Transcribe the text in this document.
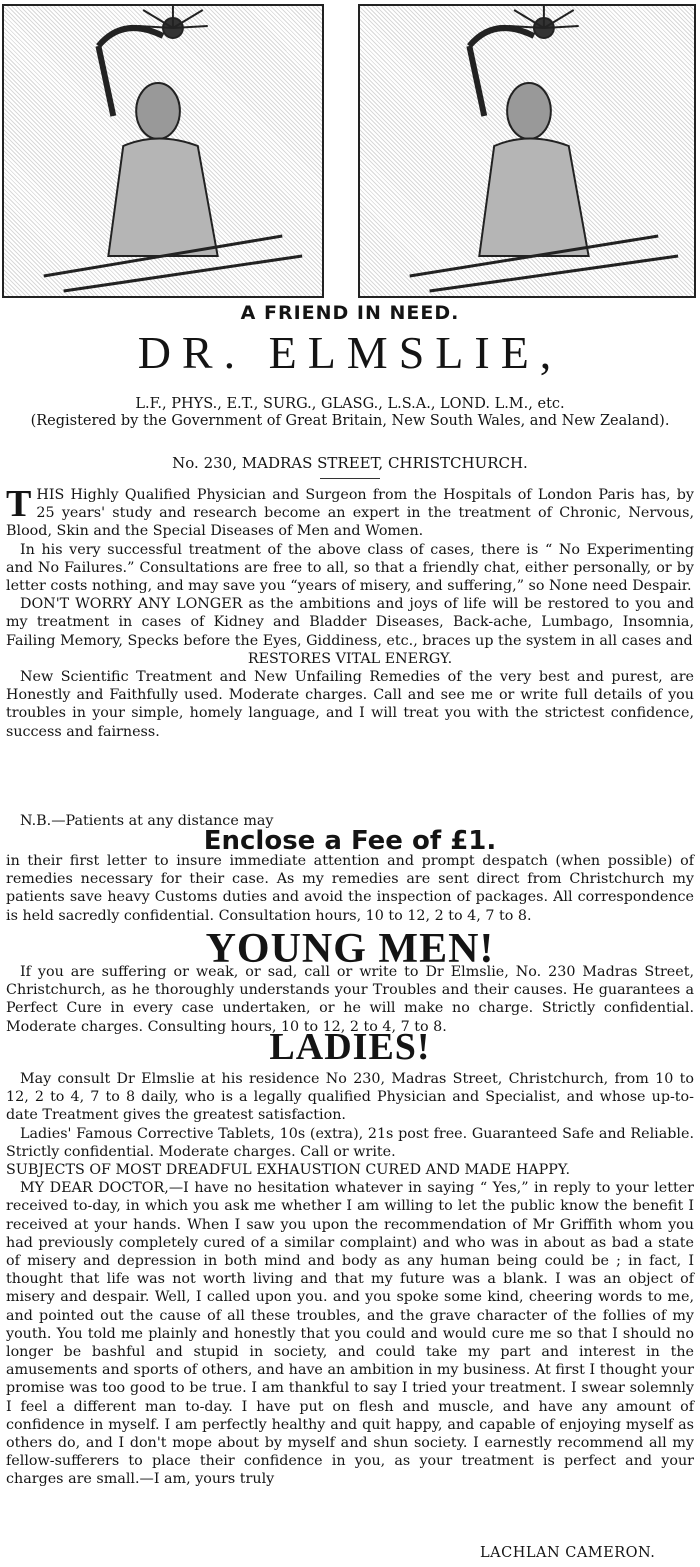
A FRIEND IN NEED.
DR. ELMSLIE,

L.F., PHYS., E.T., SURG., GLASG., L.S.A., LOND. L.M., etc.

(Registered by the Government of Great Britain, New South Wales, and New Zealand).

No. 230, MADRAS STREET, CHRISTCHURCH.

THIS Highly Qualified Physician and Surgeon from the Hospitals of London Paris has, by 25 years' study and research become an expert in the treatment of Chronic, Nervous, Blood, Skin and the Special Diseases of Men and Women.

In his very successful treatment of the above class of cases, there is “ No Experimenting and No Failures.” Consultations are free to all, so that a friendly chat, either personally, or by letter costs nothing, and may save you “years of misery, and suffering,” so None need Despair.

DON'T WORRY ANY LONGER as the ambitions and joys of life will be restored to you and my treatment in cases of Kidney and Bladder Diseases, Back-ache, Lumbago, Insomnia, Failing Memory, Specks before the Eyes, Giddiness, etc., braces up the system in all cases and

RESTORES VITAL ENERGY.

New Scientific Treatment and New Unfailing Remedies of the very best and purest, are Honestly and Faithfully used. Moderate charges. Call and see me or write full details of you troubles in your simple, homely language, and I will treat you with the strictest confidence, success and fairness.

N.B.—Patients at any distance may

Enclose a Fee of £1.

in their first letter to insure immediate attention and prompt despatch (when possible) of remedies necessary for their case. As my remedies are sent direct from Christchurch my patients save heavy Customs duties and avoid the inspection of packages. All correspondence is held sacredly confidential. Consultation hours, 10 to 12, 2 to 4, 7 to 8.

YOUNG MEN!

If you are suffering or weak, or sad, call or write to Dr Elmslie, No. 230 Madras Street, Christchurch, as he thoroughly understands your Troubles and their causes. He guarantees a Perfect Cure in every case undertaken, or he will make no charge. Strictly confidential. Moderate charges. Consulting hours, 10 to 12, 2 to 4, 7 to 8.

LADIES!

May consult Dr Elmslie at his residence No 230, Madras Street, Christchurch, from 10 to 12, 2 to 4, 7 to 8 daily, who is a legally qualified Physician and Specialist, and whose up-to-date Treatment gives the greatest satisfaction.

Ladies' Famous Corrective Tablets, 10s (extra), 21s post free. Guaranteed Safe and Reliable. Strictly confidential. Moderate charges. Call or write.

SUBJECTS OF MOST DREADFUL EXHAUSTION CURED AND MADE HAPPY.

MY DEAR DOCTOR,—I have no hesitation whatever in saying “ Yes,” in reply to your letter received to-day, in which you ask me whether I am willing to let the public know the benefit I received at your hands. When I saw you upon the recommendation of Mr Griffith whom you had previously completely cured of a similar complaint) and who was in about as bad a state of misery and depression in both mind and body as any human being could be ; in fact, I thought that life was not worth living and that my future was a blank. I was an object of misery and despair. Well, I called upon you. and you spoke some kind, cheering words to me, and pointed out the cause of all these troubles, and the grave character of the follies of my youth. You told me plainly and honestly that you could and would cure me so that I should no longer be bashful and stupid in society, and could take my part and interest in the amusements and sports of others, and have an ambition in my business. At first I thought your promise was too good to be true. I am thankful to say I tried your treatment. I swear solemnly I feel a different man to-day. I have put on flesh and muscle, and have any amount of confidence in myself. I am perfectly healthy and quit happy, and capable of enjoying myself as others do, and I don't mope about by myself and shun society. I earnestly recommend all my fellow-sufferers to place their confidence in you, as your treatment is perfect and your charges are small.—I am, yours truly

LACHLAN CAMERON.
